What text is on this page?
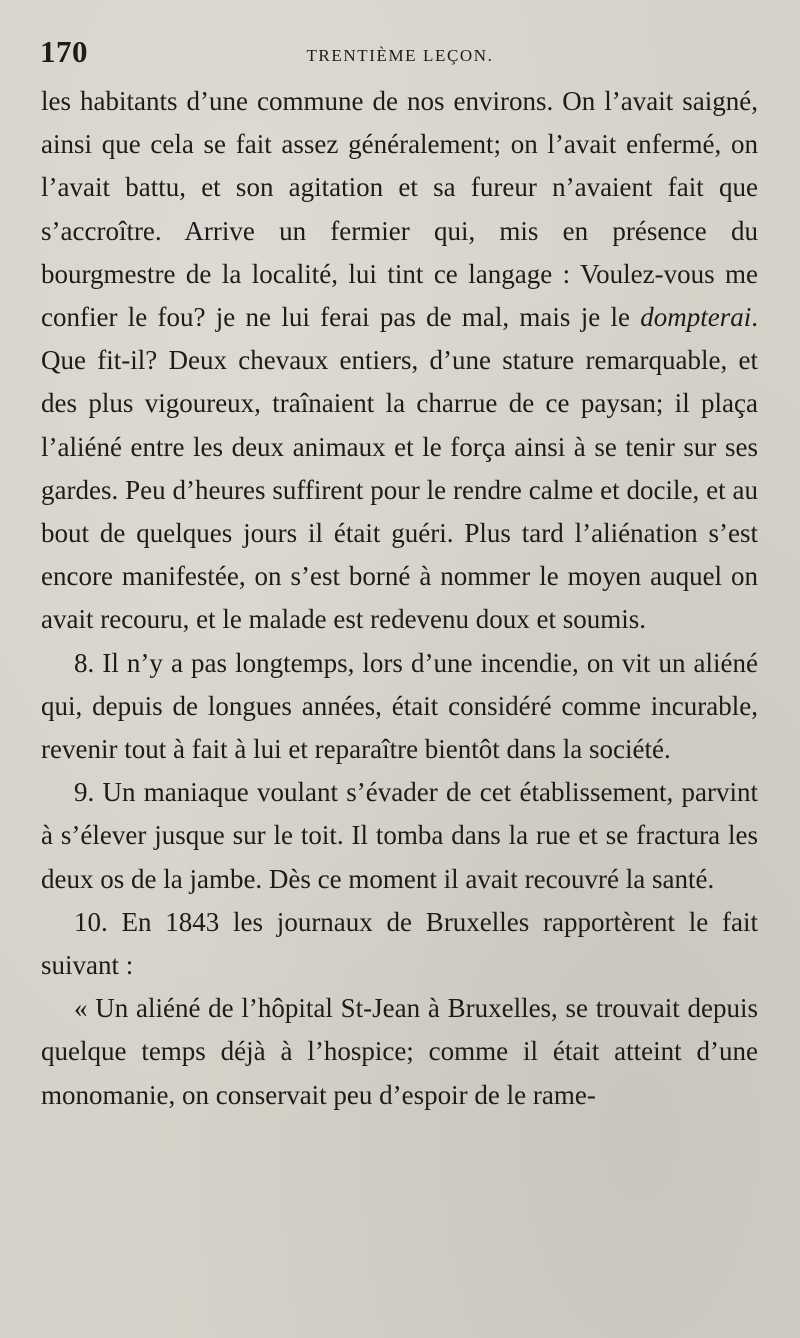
170	TRENTIÈME LEÇON.

les habitants d’une commune de nos environs. On l’avait saigné, ainsi que cela se fait assez généralement; on l’avait enfermé, on l’avait battu, et son agitation et sa fureur n’avaient fait que s’accroître. Arrive un fermier qui, mis en présence du bourgmestre de la localité, lui tint ce langage : Voulez-vous me confier le fou? je ne lui ferai pas de mal, mais je le dompterai. Que fit-il? Deux chevaux entiers, d’une stature remarquable, et des plus vigoureux, traînaient la charrue de ce paysan; il plaça l’aliéné entre les deux animaux et le força ainsi à se tenir sur ses gardes. Peu d’heures suffirent pour le rendre calme et docile, et au bout de quelques jours il était guéri. Plus tard l’aliénation s’est encore manifestée, on s’est borné à nommer le moyen auquel on avait recouru, et le malade est redevenu doux et soumis.

8. Il n’y a pas longtemps, lors d’une incendie, on vit un aliéné qui, depuis de longues années, était considéré comme incurable, revenir tout à fait à lui et reparaître bientôt dans la société.

9. Un maniaque voulant s’évader de cet établissement, parvint à s’élever jusque sur le toit. Il tomba dans la rue et se fractura les deux os de la jambe. Dès ce moment il avait recouvré la santé.

10. En 1843 les journaux de Bruxelles rapportèrent le fait suivant :

« Un aliéné de l’hôpital St-Jean à Bruxelles, se trouvait depuis quelque temps déjà à l’hospice; comme il était atteint d’une monomanie, on conservait peu d’espoir de le rame-
